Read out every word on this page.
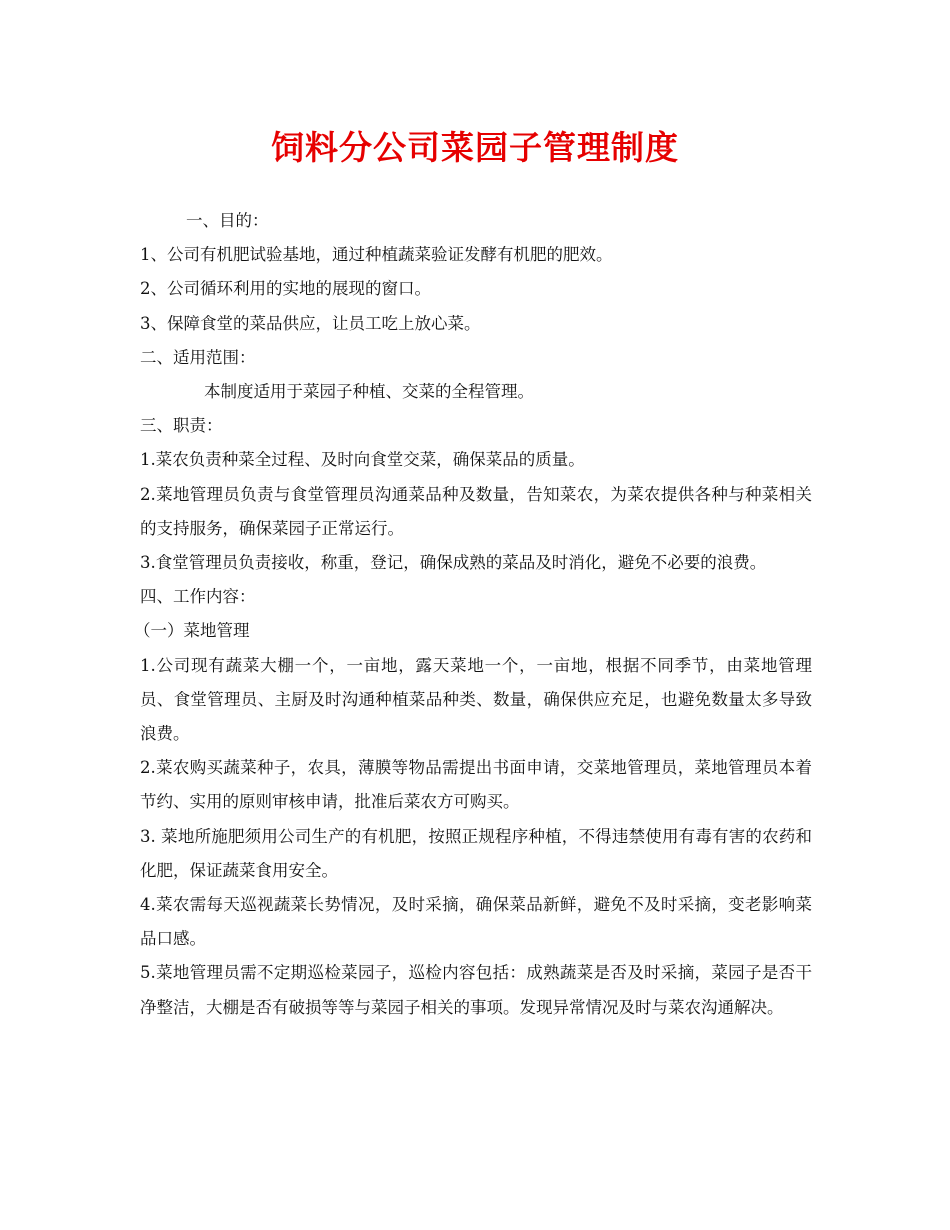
饲料分公司菜园子管理制度

一、目的：

1、公司有机肥试验基地，通过种植蔬菜验证发酵有机肥的肥效。

2、公司循环利用的实地的展现的窗口。

3、保障食堂的菜品供应，让员工吃上放心菜。

二、适用范围：

本制度适用于菜园子种植、交菜的全程管理。

三、职责：

1.菜农负责种菜全过程、及时向食堂交菜，确保菜品的质量。

2.菜地管理员负责与食堂管理员沟通菜品种及数量，告知菜农，为菜农提供各种与种菜相关的支持服务，确保菜园子正常运行。

3.食堂管理员负责接收，称重，登记，确保成熟的菜品及时消化，避免不必要的浪费。

四、工作内容：

（一）菜地管理

1.公司现有蔬菜大棚一个，一亩地，露天菜地一个，一亩地，根据不同季节，由菜地管理员、食堂管理员、主厨及时沟通种植菜品种类、数量，确保供应充足，也避免数量太多导致浪费。

2.菜农购买蔬菜种子，农具，薄膜等物品需提出书面申请，交菜地管理员，菜地管理员本着节约、实用的原则审核申请，批准后菜农方可购买。

3. 菜地所施肥须用公司生产的有机肥，按照正规程序种植，不得违禁使用有毒有害的农药和化肥，保证蔬菜食用安全。

4.菜农需每天巡视蔬菜长势情况，及时采摘，确保菜品新鲜，避免不及时采摘，变老影响菜品口感。

5.菜地管理员需不定期巡检菜园子，巡检内容包括：成熟蔬菜是否及时采摘，菜园子是否干净整洁，大棚是否有破损等等与菜园子相关的事项。发现异常情况及时与菜农沟通解决。
